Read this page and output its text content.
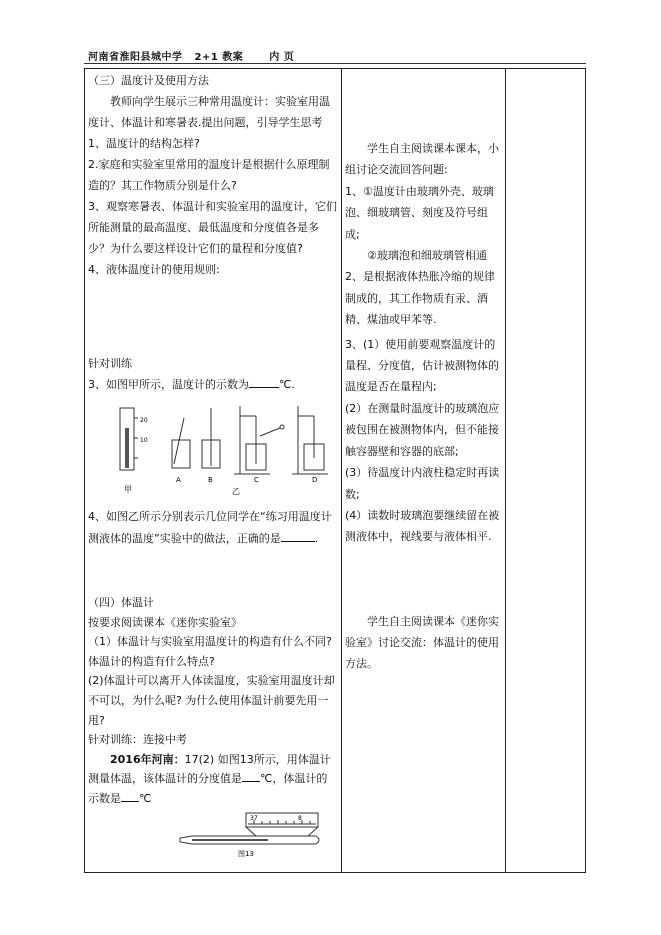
河南省淮阳县城中学 2+1 教案	内 页

（三）温度计及使用方法

教师向学生展示三种常用温度计：实验室用温度计、体温计和寒暑表.提出问题，引导学生思考

1、温度计的结构怎样?

2.家庭和实验室里常用的温度计是根据什么原理制造的？其工作物质分别是什么?

3、观察寒暑表、体温计和实验室用的温度计，它们所能测量的最高温度、最低温度和分度值各是多少？为什么要这样设计它们的量程和分度值?

4、液体温度计的使用规则:

针对训练

3、如图甲所示，温度计的示数为	℃.

20
10
甲
A	B	C	D
乙

4、如图乙所示分别表示几位同学在“练习用温度计测液体的温度”实验中的做法，正确的是	.

（四）体温计

按要求阅读课本《迷你实验室》

（1）体温计与实验室用温度计的构造有什么不同? 体温计的构造有什么特点?

(2)体温计可以离开人体读温度，实验室用温度计却不可以，为什么呢? 为什么使用体温计前要先用一甩?

针对训练：连接中考

2016年河南：17(2) 如图13所示，用体温计测量体温，该体温计的分度值是 ℃，体温计的示数是 ℃

37	8
图13

学生自主阅读课本课本，小组讨论交流回答问题:

1、①温度计由玻璃外壳、玻璃泡、细玻璃管、刻度及符号组成;

②玻璃泡和细玻璃管相通

2、是根据液体热胀冷缩的规律制成的，其工作物质有汞、酒精、煤油或甲苯等.

3、(1）使用前要观察温度计的量程、分度值，估计被测物体的温度是否在量程内;

(2）在测量时温度计的玻璃泡应被包围在被测物体内，但不能接触容器壁和容器的底部;

(3）待温度计内液柱稳定时再读数;

(4）读数时玻璃泡要继续留在被测液体中，视线要与液体相平.

学生自主阅读课本《迷你实验室》讨论交流：体温计的使用方法。
